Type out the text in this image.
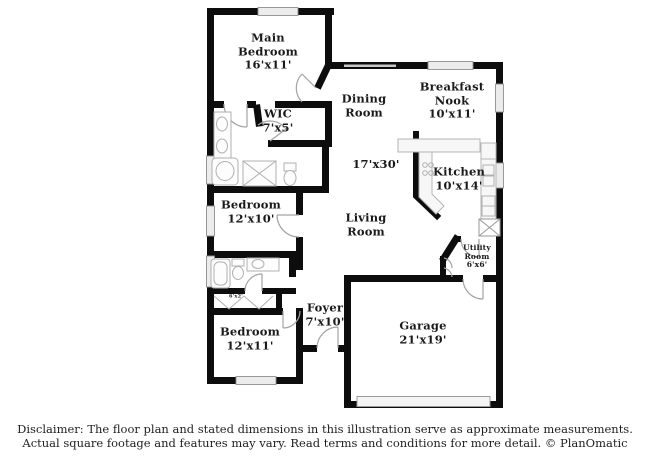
Main Bedroom
16'x11'
WIC
7'x5'
Dining Room
Breakfast Nook
10'x11'
17'x30'
Kitchen
10'x14'
Bedroom
12'x10'	Living Room
Utility Room
6'x6'
6'x2'
Bedroom
12'x11'
Foyer
7'x10'	Garage
21'x19'
Disclaimer: The floor plan and stated dimensions in this illustration serve as approximate measurements.
Actual square footage and features may vary. Read terms and conditions for more detail. © PlanOmatic
